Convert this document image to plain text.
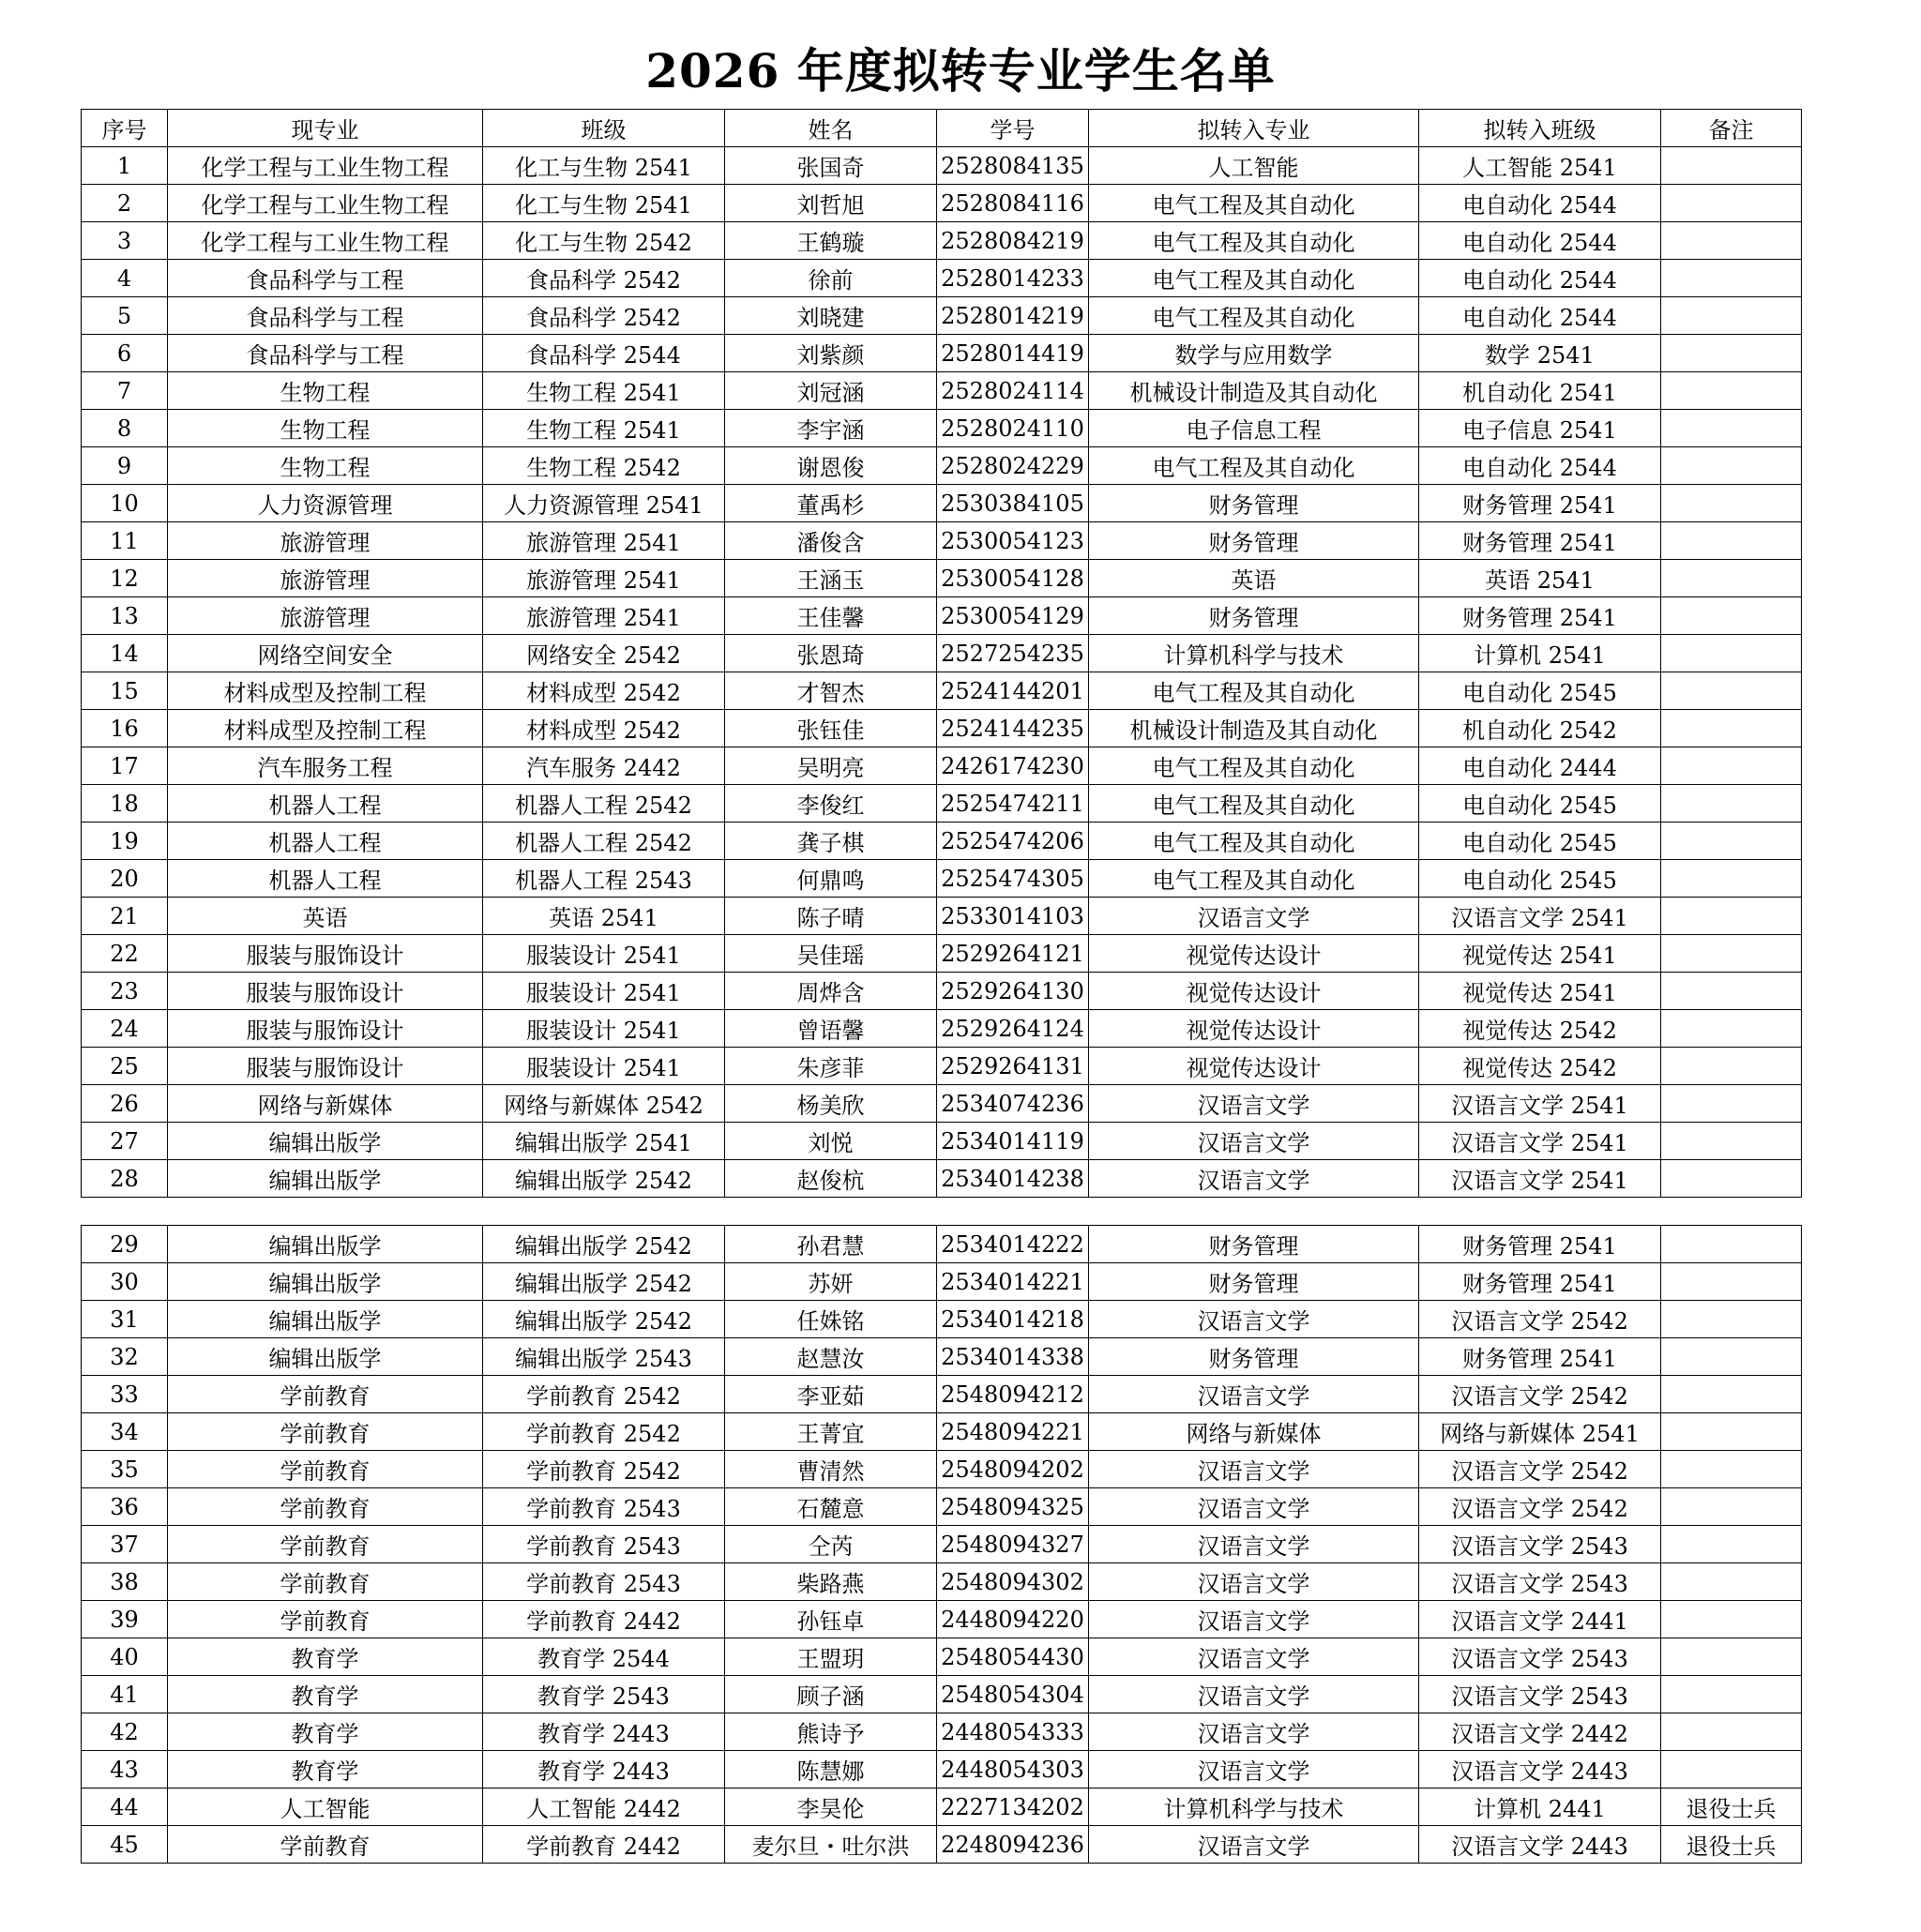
2026 年度拟转专业学生名单
序号	现专业	班级	姓名	学号	拟转入专业	拟转入班级	备注
1	化学工程与工业生物工程	化工与生物 2541	张国奇	2528084135	人工智能	人工智能 2541	
2	化学工程与工业生物工程	化工与生物 2541	刘哲旭	2528084116	电气工程及其自动化	电自动化 2544	
3	化学工程与工业生物工程	化工与生物 2542	王鹤璇	2528084219	电气工程及其自动化	电自动化 2544	
4	食品科学与工程	食品科学 2542	徐前	2528014233	电气工程及其自动化	电自动化 2544	
5	食品科学与工程	食品科学 2542	刘晓建	2528014219	电气工程及其自动化	电自动化 2544	
6	食品科学与工程	食品科学 2544	刘紫颜	2528014419	数学与应用数学	数学 2541	
7	生物工程	生物工程 2541	刘冠涵	2528024114	机械设计制造及其自动化	机自动化 2541	
8	生物工程	生物工程 2541	李宇涵	2528024110	电子信息工程	电子信息 2541	
9	生物工程	生物工程 2542	谢恩俊	2528024229	电气工程及其自动化	电自动化 2544	
10	人力资源管理	人力资源管理 2541	董禹杉	2530384105	财务管理	财务管理 2541	
11	旅游管理	旅游管理 2541	潘俊含	2530054123	财务管理	财务管理 2541	
12	旅游管理	旅游管理 2541	王涵玉	2530054128	英语	英语 2541	
13	旅游管理	旅游管理 2541	王佳馨	2530054129	财务管理	财务管理 2541	
14	网络空间安全	网络安全 2542	张恩琦	2527254235	计算机科学与技术	计算机 2541	
15	材料成型及控制工程	材料成型 2542	才智杰	2524144201	电气工程及其自动化	电自动化 2545	
16	材料成型及控制工程	材料成型 2542	张钰佳	2524144235	机械设计制造及其自动化	机自动化 2542	
17	汽车服务工程	汽车服务 2442	吴明亮	2426174230	电气工程及其自动化	电自动化 2444	
18	机器人工程	机器人工程 2542	李俊红	2525474211	电气工程及其自动化	电自动化 2545	
19	机器人工程	机器人工程 2542	龚子棋	2525474206	电气工程及其自动化	电自动化 2545	
20	机器人工程	机器人工程 2543	何鼎鸣	2525474305	电气工程及其自动化	电自动化 2545	
21	英语	英语 2541	陈子晴	2533014103	汉语言文学	汉语言文学 2541	
22	服装与服饰设计	服装设计 2541	吴佳瑶	2529264121	视觉传达设计	视觉传达 2541	
23	服装与服饰设计	服装设计 2541	周烨含	2529264130	视觉传达设计	视觉传达 2541	
24	服装与服饰设计	服装设计 2541	曾语馨	2529264124	视觉传达设计	视觉传达 2542	
25	服装与服饰设计	服装设计 2541	朱彦菲	2529264131	视觉传达设计	视觉传达 2542	
26	网络与新媒体	网络与新媒体 2542	杨美欣	2534074236	汉语言文学	汉语言文学 2541	
27	编辑出版学	编辑出版学 2541	刘悦	2534014119	汉语言文学	汉语言文学 2541	
28	编辑出版学	编辑出版学 2542	赵俊杭	2534014238	汉语言文学	汉语言文学 2541	
29	编辑出版学	编辑出版学 2542	孙君慧	2534014222	财务管理	财务管理 2541	
30	编辑出版学	编辑出版学 2542	苏妍	2534014221	财务管理	财务管理 2541	
31	编辑出版学	编辑出版学 2542	任姝铭	2534014218	汉语言文学	汉语言文学 2542	
32	编辑出版学	编辑出版学 2543	赵慧汝	2534014338	财务管理	财务管理 2541	
33	学前教育	学前教育 2542	李亚茹	2548094212	汉语言文学	汉语言文学 2542	
34	学前教育	学前教育 2542	王菁宜	2548094221	网络与新媒体	网络与新媒体 2541	
35	学前教育	学前教育 2542	曹清然	2548094202	汉语言文学	汉语言文学 2542	
36	学前教育	学前教育 2543	石麓意	2548094325	汉语言文学	汉语言文学 2542	
37	学前教育	学前教育 2543	仝芮	2548094327	汉语言文学	汉语言文学 2543	
38	学前教育	学前教育 2543	柴路燕	2548094302	汉语言文学	汉语言文学 2543	
39	学前教育	学前教育 2442	孙钰卓	2448094220	汉语言文学	汉语言文学 2441	
40	教育学	教育学 2544	王盟玥	2548054430	汉语言文学	汉语言文学 2543	
41	教育学	教育学 2543	顾子涵	2548054304	汉语言文学	汉语言文学 2543	
42	教育学	教育学 2443	熊诗予	2448054333	汉语言文学	汉语言文学 2442	
43	教育学	教育学 2443	陈慧娜	2448054303	汉语言文学	汉语言文学 2443	
44	人工智能	人工智能 2442	李昊伦	2227134202	计算机科学与技术	计算机 2441	退役士兵
45	学前教育	学前教育 2442	麦尔旦・吐尔洪	2248094236	汉语言文学	汉语言文学 2443	退役士兵
